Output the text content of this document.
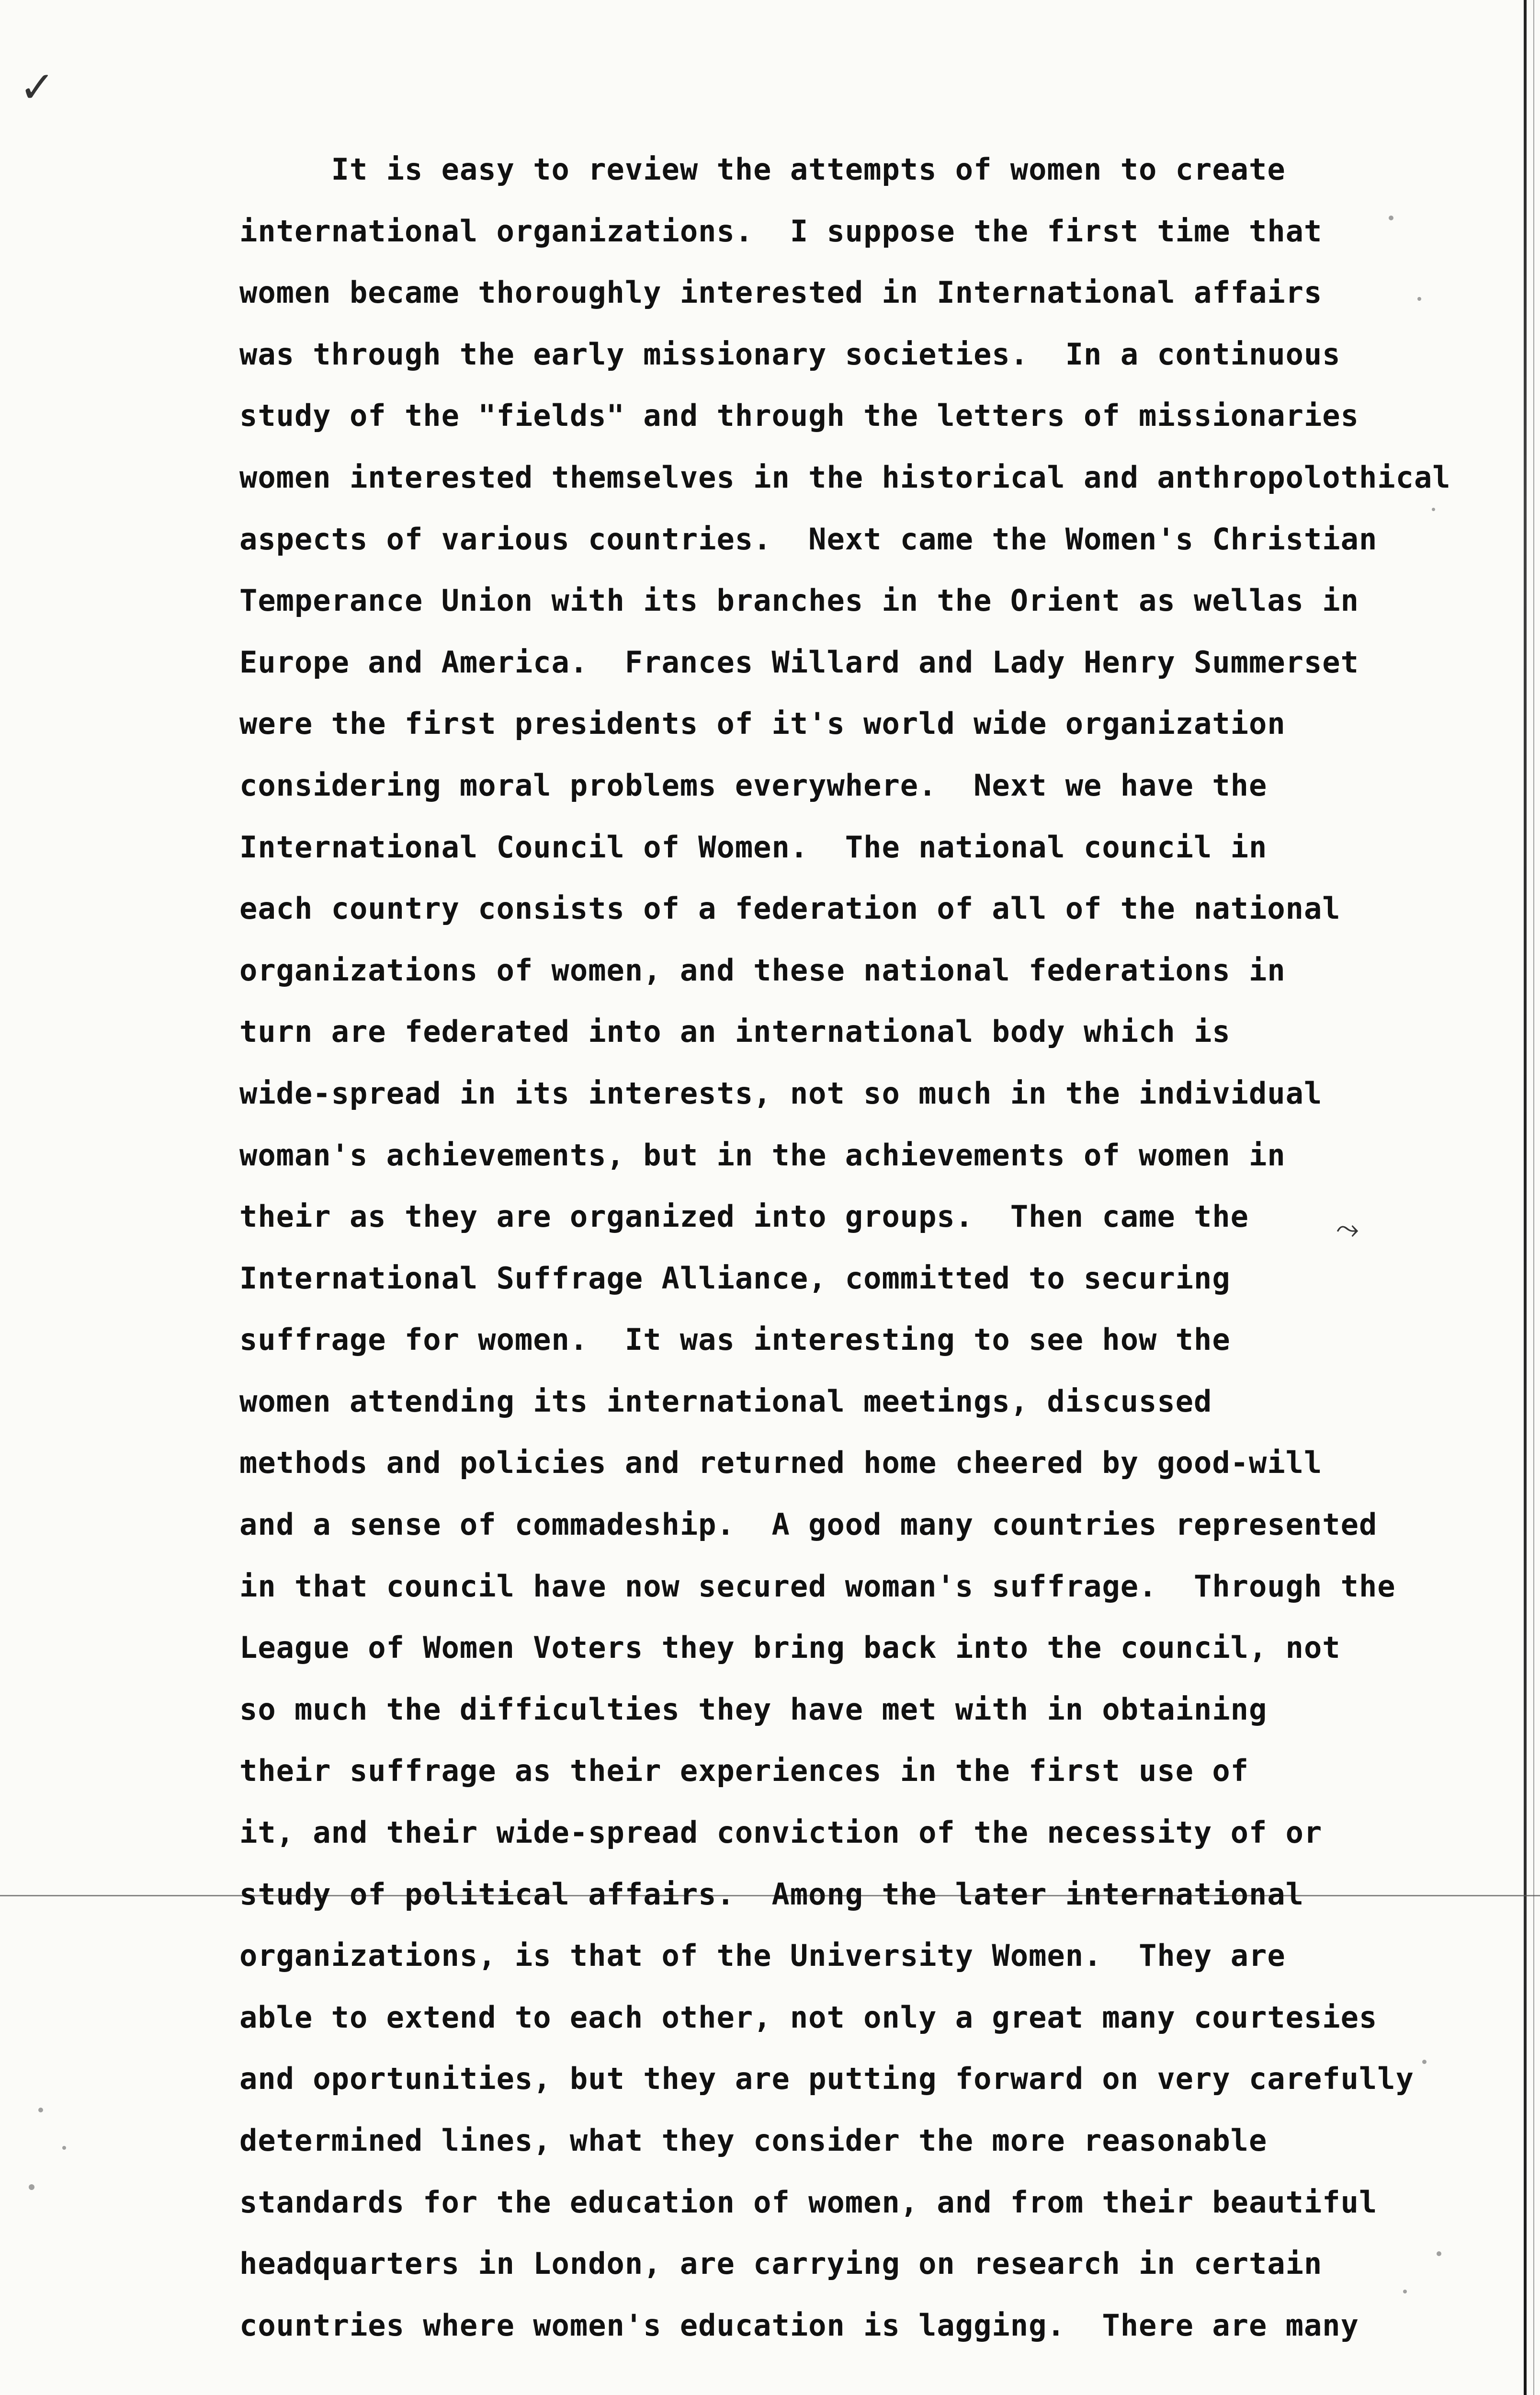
✓
⤳
It is easy to review the attempts of women to create
international organizations.  I suppose the first time that
women became thoroughly interested in International affairs
was through the early missionary societies.  In a continuous
study of the "fields" and through the letters of missionaries
women interested themselves in the historical and anthropolothical
aspects of various countries.  Next came the Women's Christian
Temperance Union with its branches in the Orient as wellas in
Europe and America.  Frances Willard and Lady Henry Summerset
were the first presidents of it's world wide organization
considering moral problems everywhere.  Next we have the
International Council of Women.  The national council in
each country consists of a federation of all of the national
organizations of women, and these national federations in
turn are federated into an international body which is
wide-spread in its interests, not so much in the individual
woman's achievements, but in the achievements of women in
their as they are organized into groups.  Then came the
International Suffrage Alliance, committed to securing
suffrage for women.  It was interesting to see how the
women attending its international meetings, discussed
methods and policies and returned home cheered by good-will
and a sense of commadeship.  A good many countries represented
in that council have now secured woman's suffrage.  Through the
League of Women Voters they bring back into the council, not
so much the difficulties they have met with in obtaining
their suffrage as their experiences in the first use of
it, and their wide-spread conviction of the necessity of or
study of political affairs.  Among the later international
organizations, is that of the University Women.  They are
able to extend to each other, not only a great many courtesies
and oportunities, but they are putting forward on very carefully
determined lines, what they consider the more reasonable
standards for the education of women, and from their beautiful
headquarters in London, are carrying on research in certain
countries where women's education is lagging.  There are many
